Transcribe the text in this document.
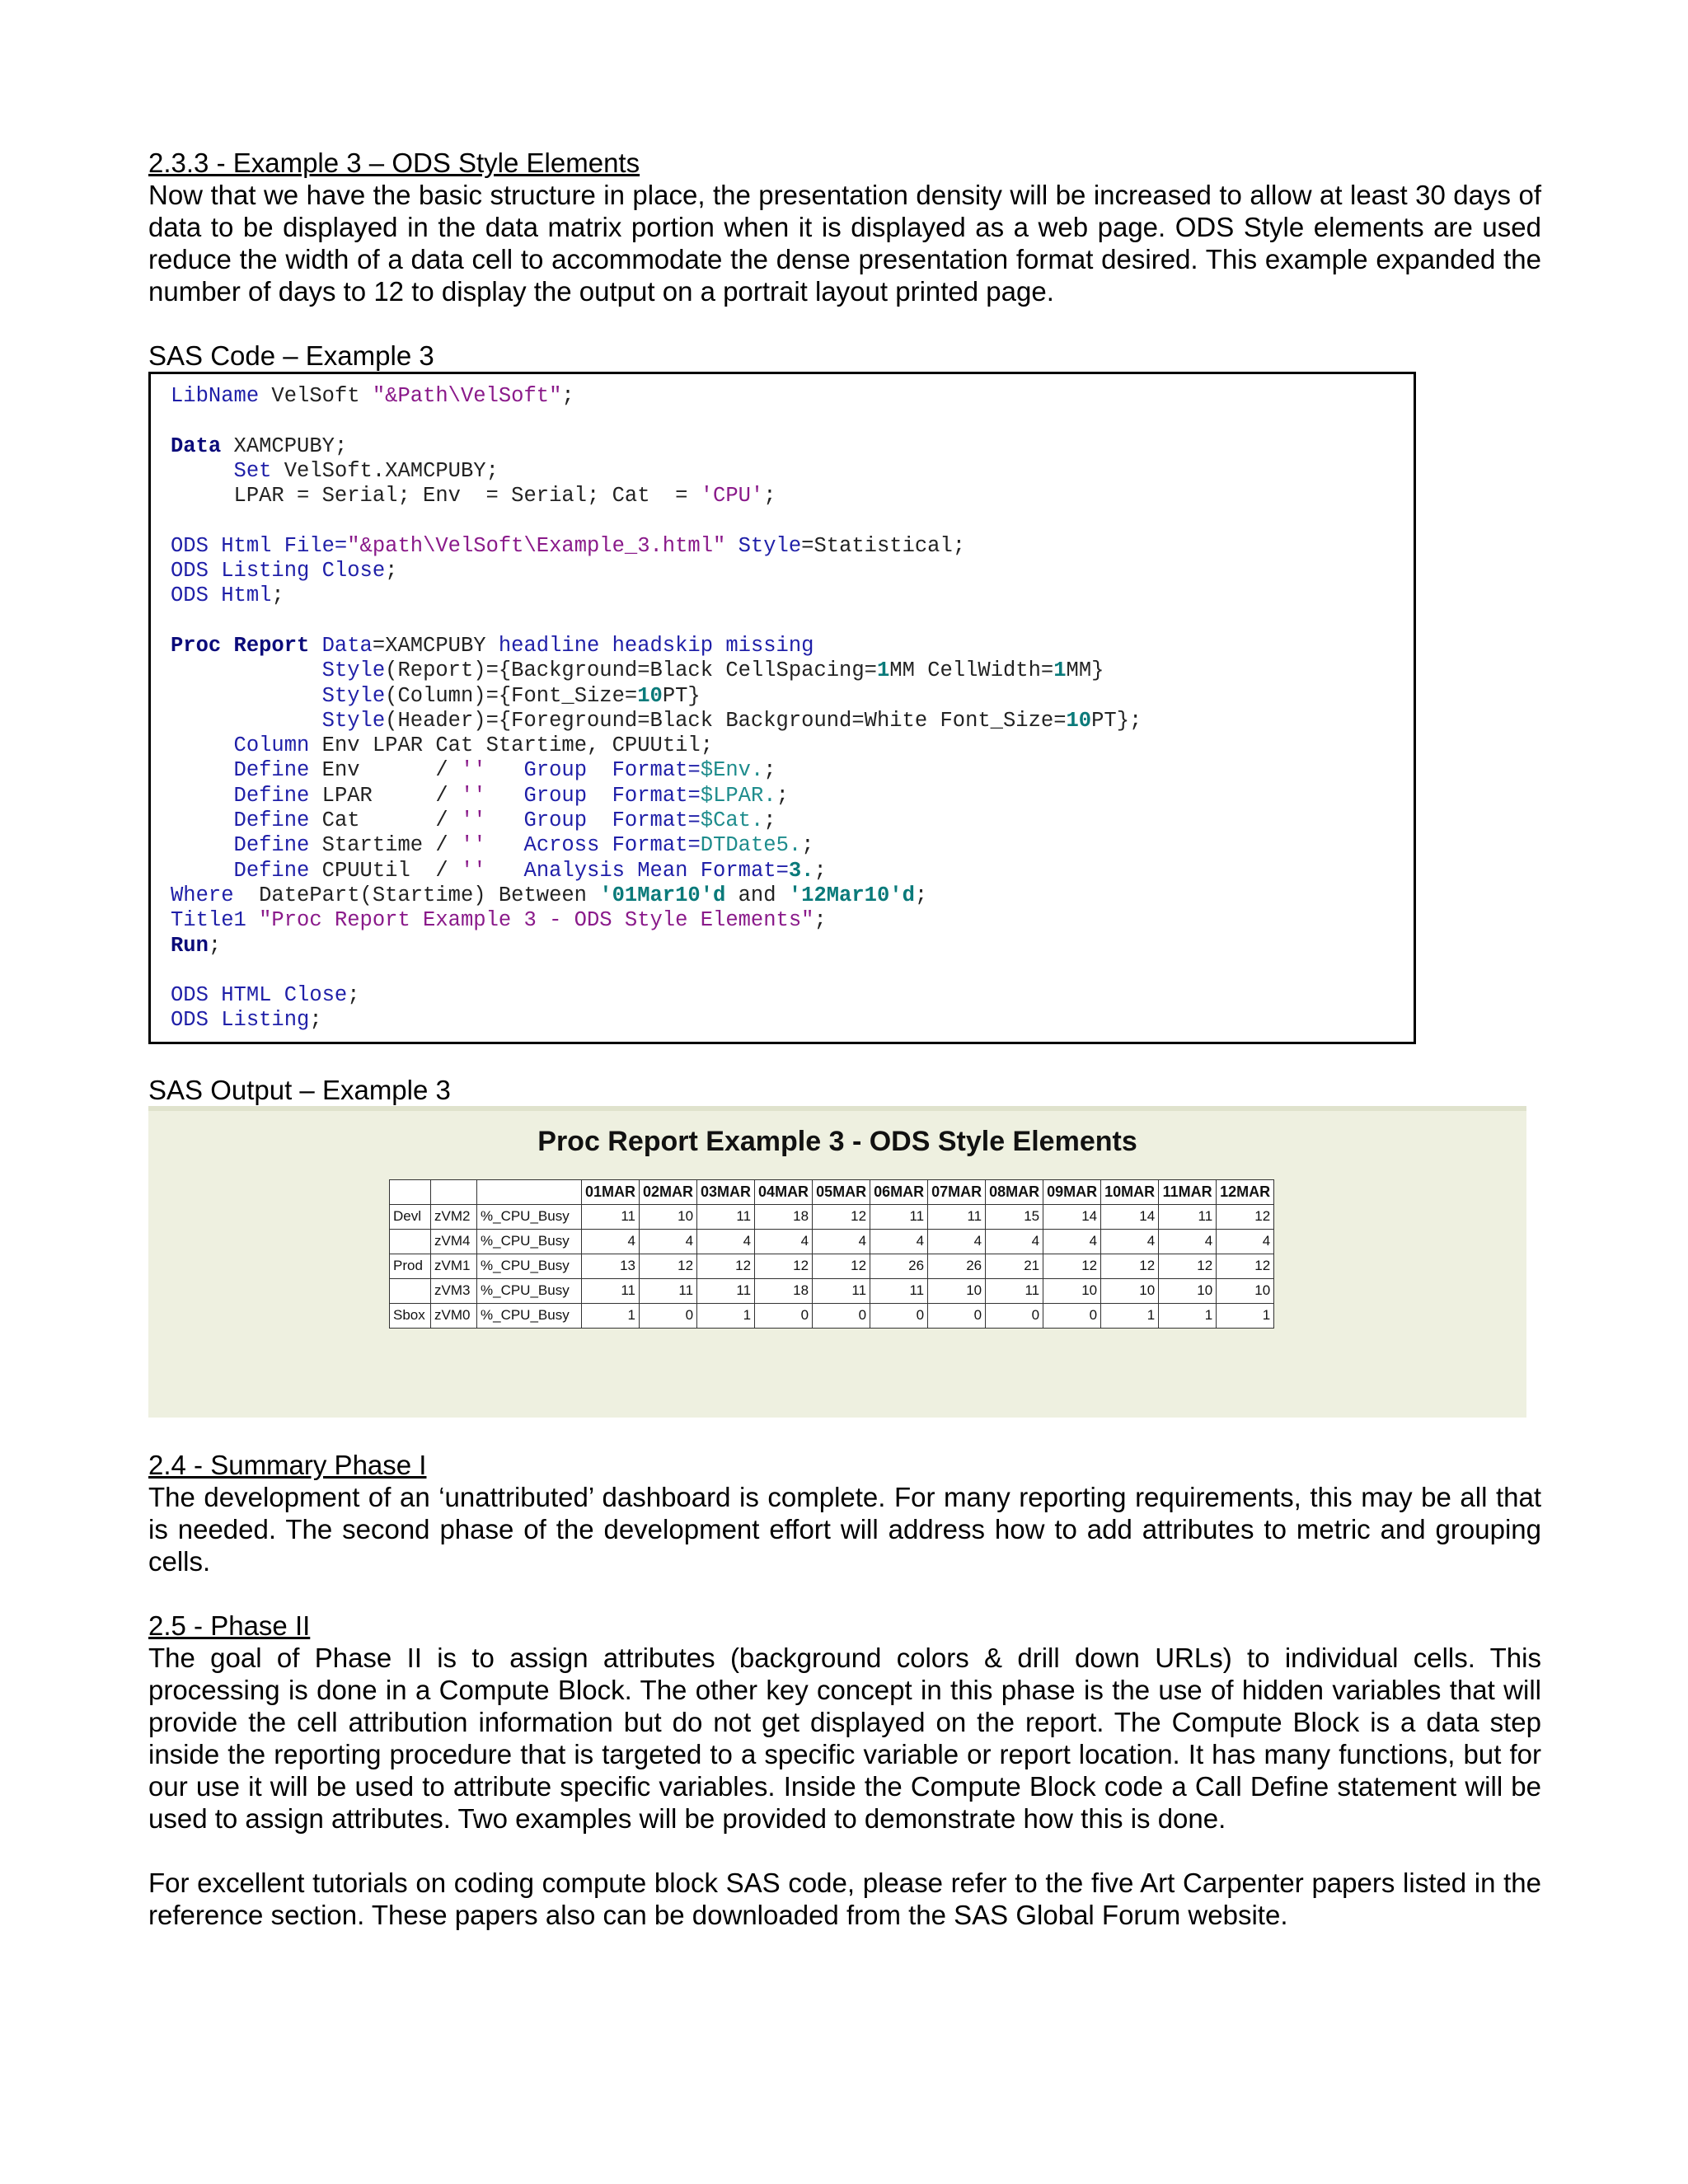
2.3.3 - Example 3 – ODS Style Elements

Now that we have the basic structure in place, the presentation density will be increased to allow at least 30 days of data to be displayed in the data matrix portion when it is displayed as a web page. ODS Style elements are used reduce the width of a data cell to accommodate the dense presentation format desired. This example expanded the number of days to 12 to display the output on a portrait layout printed page.

SAS Code – Example 3

LibName VelSoft "&Path\VelSoft";
Data XAMCPUBY;
Set VelSoft.XAMCPUBY;
LPAR = Serial; Env  = Serial; Cat  = 'CPU';
ODS Html File="&path\VelSoft\Example_3.html" Style=Statistical;
ODS Listing Close;
ODS Html;
Proc Report Data=XAMCPUBY headline headskip missing
Style(Report)={Background=Black CellSpacing=1MM CellWidth=1MM}
Style(Column)={Font_Size=10PT}
Style(Header)={Foreground=Black Background=White Font_Size=10PT};
Column Env LPAR Cat Startime, CPUUtil;
Define Env      / '' Group  Format=$Env.;
Define LPAR     / '' Group  Format=$LPAR.;
Define Cat      / '' Group  Format=$Cat.;
Define Startime / '' Across Format=DTDate5.;
Define CPUUtil  / '' Analysis Mean Format=3.;
Where  DatePart(Startime) Between '01Mar10'd and '12Mar10'd;
Title1 "Proc Report Example 3 - ODS Style Elements";
Run;
ODS HTML Close;
ODS Listing;

SAS Output – Example 3

Proc Report Example 3 - ODS Style Elements
			01MAR	02MAR	03MAR	04MAR	05MAR	06MAR	07MAR	08MAR	09MAR	10MAR	11MAR	12MAR
Devl	zVM2	%_CPU_Busy	11	10	11	18	12	11	11	15	14	14	11	12
	zVM4	%_CPU_Busy	4	4	4	4	4	4	4	4	4	4	4	4
Prod	zVM1	%_CPU_Busy	13	12	12	12	12	26	26	21	12	12	12	12
	zVM3	%_CPU_Busy	11	11	11	18	11	11	10	11	10	10	10	10
Sbox	zVM0	%_CPU_Busy	1	0	1	0	0	0	0	0	0	1	1	1
2.4 - Summary Phase I

The development of an ‘unattributed’ dashboard is complete. For many reporting requirements, this may be all that is needed. The second phase of the development effort will address how to add attributes to metric and grouping cells.

2.5 - Phase II

The goal of Phase II is to assign attributes (background colors & drill down URLs) to individual cells. This processing is done in a Compute Block. The other key concept in this phase is the use of hidden variables that will provide the cell attribution information but do not get displayed on the report. The Compute Block is a data step inside the reporting procedure that is targeted to a specific variable or report location. It has many functions, but for our use it will be used to attribute specific variables. Inside the Compute Block code a Call Define statement will be used to assign attributes. Two examples will be provided to demonstrate how this is done.

For excellent tutorials on coding compute block SAS code, please refer to the five Art Carpenter papers listed in the reference section. These papers also can be downloaded from the SAS Global Forum website.
